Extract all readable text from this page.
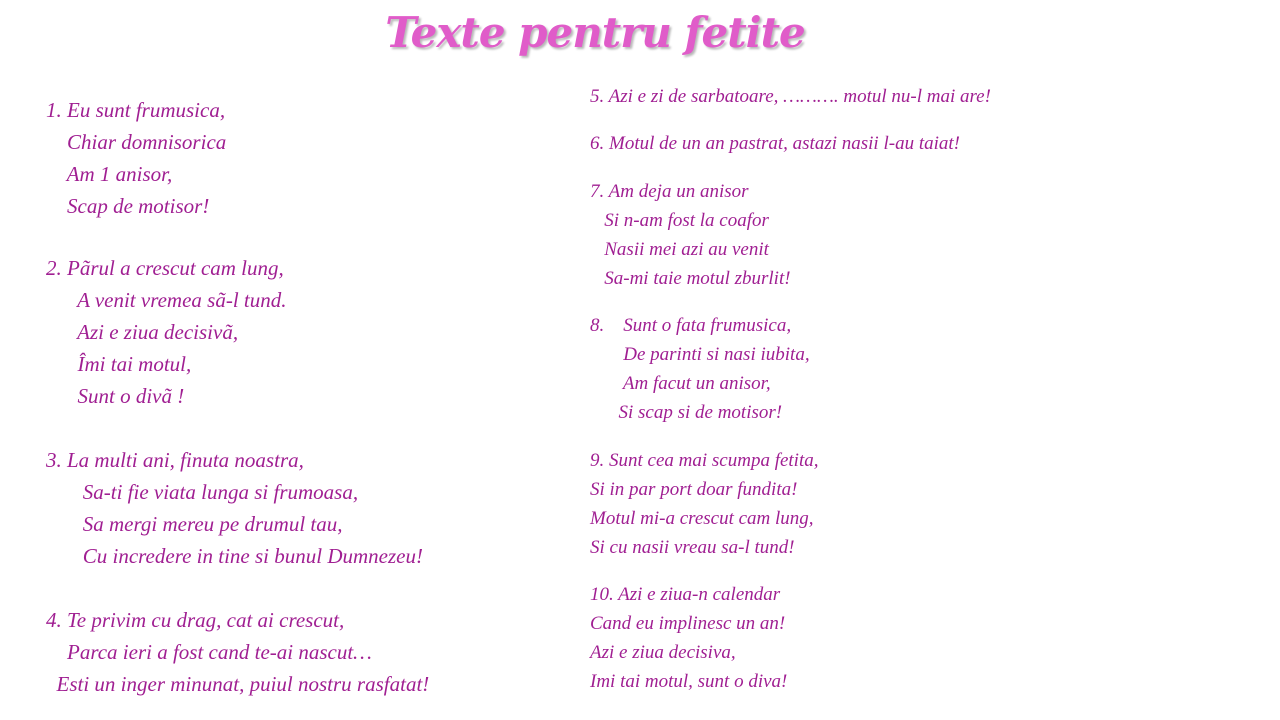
Texte pentru fetite
1. Eu sunt frumusica,
Chiar domnisorica
Am 1 anisor,
Scap de motisor!
2. Pãrul a crescut cam lung,
A venit vremea sã-l tund.
Azi e ziua decisivã,
Îmi tai motul,
Sunt o divã !
3. La multi ani, finuta noastra,
Sa-ti fie viata lunga si frumoasa,
Sa mergi mereu pe drumul tau,
Cu incredere in tine si bunul Dumnezeu!
4. Te privim cu drag, cat ai crescut,
Parca ieri a fost cand te-ai nascut…
Esti un inger minunat, puiul nostru rasfatat!
5. Azi e zi de sarbatoare, ………. motul nu-l mai are!
6. Motul de un an pastrat, astazi nasii l-au taiat!
7. Am deja un anisor
Si n-am fost la coafor
Nasii mei azi au venit
Sa-mi taie motul zburlit!
8.    Sunt o fata frumusica,
De parinti si nasi iubita,
Am facut un anisor,
Si scap si de motisor!
9. Sunt cea mai scumpa fetita,
Si in par port doar fundita!
Motul mi-a crescut cam lung,
Si cu nasii vreau sa-l tund!
10. Azi e ziua-n calendar
Cand eu implinesc un an!
Azi e ziua decisiva,
Imi tai motul, sunt o diva!
